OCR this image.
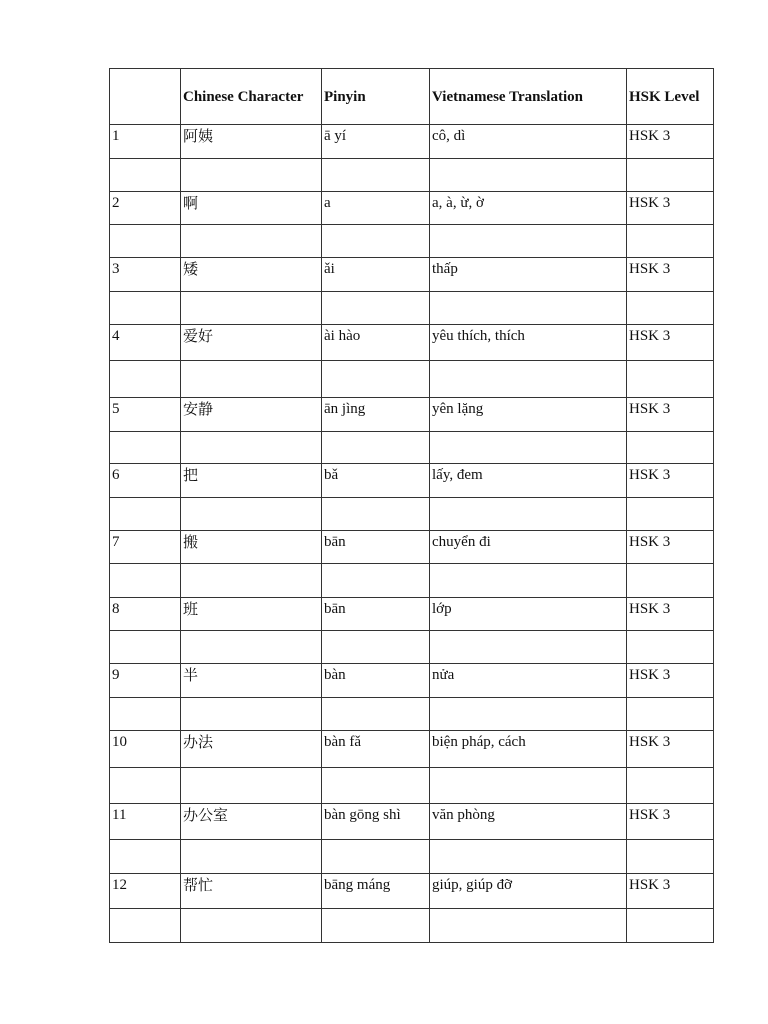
	Chinese Character	Pinyin	Vietnamese Translation	HSK Level
1	阿姨	ā yí	cô, dì	HSK 3

2	啊	a	a, à, ừ, ờ	HSK 3

3	矮	ǎi	thấp	HSK 3

4	爱好	ài hào	yêu thích, thích	HSK 3

5	安静	ān jìng	yên lặng	HSK 3

6	把	bǎ	lấy, đem	HSK 3

7	搬	bān	chuyển đi	HSK 3

8	班	bān	lớp	HSK 3

9	半	bàn	nửa	HSK 3

10	办法	bàn fǎ	biện pháp, cách	HSK 3

11	办公室	bàn gōng shì	văn phòng	HSK 3

12	帮忙	bāng máng	giúp, giúp đỡ	HSK 3
